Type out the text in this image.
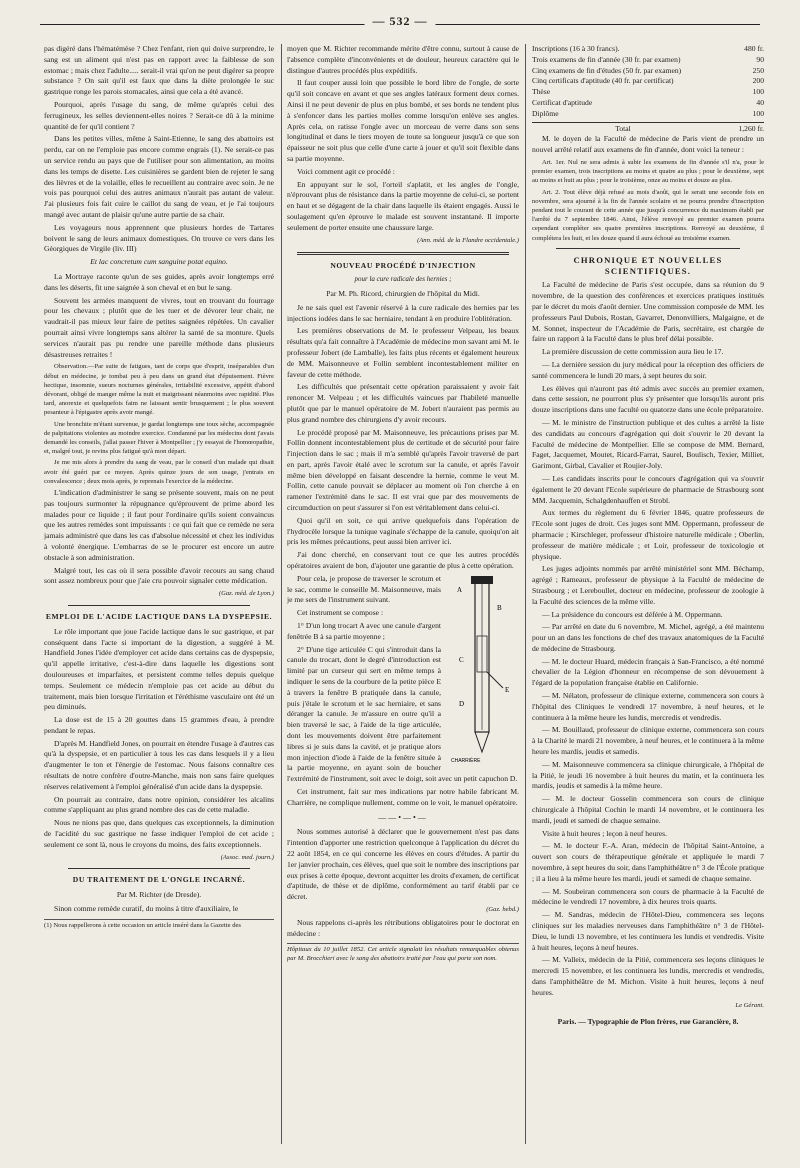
— 532 —

pas digéré dans l'hématémèse ? Chez l'enfant, rien qui doive surprendre, le sang est un aliment qui n'est pas en rapport avec la faiblesse de son estomac ; mais chez l'adulte..... serait-il vrai qu'on ne peut digérer sa propre substance ? On sait qu'il est faux que dans la diète prolongée le suc gastrique ronge les parois stomacales, ainsi que cela a été avancé.

Pourquoi, après l'usage du sang, de même qu'après celui des ferrugineux, les selles deviennent-elles noires ? Serait-ce dû à la minime quantité de fer qu'il contient ?

Dans les petites villes, même à Saint-Etienne, le sang des abattoirs est perdu, car on ne l'emploie pas encore comme engrais (1). Ne serait-ce pas un service rendu au pays que de l'utiliser pour son alimentation, au moins dans les temps de disette. Les cuisinières se gardent bien de rejeter le sang des lièvres et de la volaille, elles le recueillent au contraire avec soin. Je ne vois pas pourquoi celui des autres animaux n'aurait pas autant de valeur. J'ai plusieurs fois fait cuire le caillot du sang de veau, et je l'ai toujours mangé avec autant de plaisir qu'une autre partie de sa chair.

Les voyageurs nous apprennent que plusieurs hordes de Tartares boivent le sang de leurs animaux domestiques. On trouve ce vers dans les Géorgiques de Virgile (liv. III)

Et lac concretum cum sanguine potat equino.

La Mortraye raconte qu'un de ses guides, après avoir longtemps erré dans les déserts, fit une saignée à son cheval et en but le sang.

Souvent les armées manquent de vivres, tout en trouvant du fourrage pour les chevaux ; plutôt que de les tuer et de dévorer leur chair, ne vaudrait-il pas mieux leur faire de petites saignées répétées. Un cavalier pourrait ainsi vivre longtemps sans altérer la santé de sa monture. Quels services n'aurait pas pu rendre une pareille méthode dans plusieurs désastreuses retraites !

Observation.—Par suite de fatigues, tant de corps que d'esprit, inséparables d'un début en médecine, je tombai peu à peu dans un grand état d'épuisement. Fièvre hectique, insomnie, sueurs nocturnes générales, irritabilité excessive, appétit d'abord dévorant, obligé de manger même la nuit et maigrissant néanmoins avec rapidité. Plus tard, anorexie et quelquefois faim ne laissant sentir brusquement ; le plus souvent pesanteur à l'épigastre après avoir mangé.

Une bronchite m'étant survenue, je gardai longtemps une toux sèche, accompagnée de palpitations violentes au moindre exercice. Condamné par les médecins dont j'avais demandé les conseils, j'allai passer l'hiver à Montpellier ; j'y essayai de l'homœopathie, et, malgré tout, je revins plus fatigué qu'à mon départ.

Je me mis alors à prendre du sang de veau, par le conseil d'un malade qui disait avoir été guéri par ce moyen. Après quinze jours de son usage, j'entrais en convalescence ; deux mois après, je reprenais l'exercice de la médecine.

L'indication d'administrer le sang se présente souvent, mais on ne peut pas toujours surmonter la répugnance qu'éprouvent de prime abord les malades pour ce liquide ; il faut pour l'ordinaire qu'ils soient convaincus que les autres remèdes sont impuissants : ce qui fait que ce remède ne sera jamais administré que dans les cas d'absolue nécessité et chez les individus à volonté énergique. L'embarras de se le procurer est encore un autre obstacle à son administration.

Malgré tout, les cas où il sera possible d'avoir recours au sang chaud sont assez nombreux pour que j'aie cru pouvoir signaler cette médication.

(Gaz. méd. de Lyon.)

EMPLOI DE L'ACIDE LACTIQUE DANS LA DYSPEPSIE.

Le rôle important que joue l'acide lactique dans le suc gastrique, et par conséquent dans l'acte si important de la digestion, a suggéré à M. Handfield Jones l'idée d'employer cet acide dans certains cas de dyspepsie, qu'il appelle irritative, c'est-à-dire dans laquelle les digestions sont douloureuses et imparfaites, et persistent comme telles depuis quelque temps. Seulement ce médecin n'emploie pas cet acide au début du traitement, mais bien lorsque l'irritation et l'éréthisme vasculaire ont été un peu diminués.

La dose est de 15 à 20 gouttes dans 15 grammes d'eau, à prendre pendant le repas.

D'après M. Handfield Jones, on pourrait en étendre l'usage à d'autres cas qu'à la dyspepsie, et en particulier à tous les cas dans lesquels il y a lieu d'augmenter le ton et l'énergie de l'estomac. Nous faisons connaître ces résultats de notre confrère d'outre-Manche, mais non sans faire quelques réserves relativement à l'emploi généralisé d'un acide dans la dyspepsie.

On pourrait au contraire, dans notre opinion, considérer les alcalins comme s'appliquant au plus grand nombre des cas de cette maladie.

Nous ne nions pas que, dans quelques cas exceptionnels, la diminution de l'acidité du suc gastrique ne fasse indiquer l'emploi de cet acide ; seulement ce sont là, nous le croyons du moins, des faits exceptionnels.

(Assoc. med. journ.)

DU TRAITEMENT DE L'ONGLE INCARNÉ.

Par M. Richter (de Dresde).

Sinon comme remède curatif, du moins à titre d'auxiliaire, le

(1) Nous rappellerons à cette occasion un article inséré dans la Gazette des

moyen que M. Richter recommande mérite d'être connu, surtout à cause de l'absence complète d'inconvénients et de douleur, heureux caractère qui le distingue d'autres procédés plus expéditifs.

Il faut couper aussi loin que possible le bord libre de l'ongle, de sorte qu'il soit concave en avant et que ses angles latéraux forment deux cornes. Ainsi il ne peut devenir de plus en plus bombé, et ses bords ne tendent plus à s'enfoncer dans les parties molles comme lorsqu'on enlève ses angles. Après cela, on ratisse l'ongle avec un morceau de verre dans son sens longitudinal et dans le tiers moyen de toute sa longueur jusqu'à ce que son épaisseur ne soit plus que celle d'une carte à jouer et qu'il soit flexible dans sa partie moyenne.

Voici comment agit ce procédé :

En appuyant sur le sol, l'orteil s'aplatit, et les angles de l'ongle, n'éprouvant plus de résistance dans la partie moyenne de celui-ci, se portent en haut et se dégagent de la chair dans laquelle ils étaient engagés. Aussi le soulagement qu'en éprouve le malade est souvent instantané. Il importe seulement de porter ensuite une chaussure large.

(Ann. méd. de la Flandre occidentale.)

NOUVEAU PROCÉDÉ D'INJECTION

pour la cure radicale des hernies ;

Par M. Ph. Ricord, chirurgien de l'hôpital du Midi.

Je ne sais quel est l'avenir réservé à la cure radicale des hernies par les injections iodées dans le sac herniaire, tendant à en produire l'oblitération.

Les premières observations de M. le professeur Velpeau, les beaux résultats qu'a fait connaître à l'Académie de médecine mon savant ami M. le professeur Jobert (de Lamballe), les faits plus récents et également heureux de MM. Maisonneuve et Follin semblent incontestablement militer en faveur de cette méthode.

Les difficultés que présentait cette opération paraissaient y avoir fait renoncer M. Velpeau ; et les difficultés vaincues par l'habileté manuelle plutôt que par le manuel opératoire de M. Jobert n'auraient pas permis au plus grand nombre des chirurgiens d'y avoir recours.

Le procédé proposé par M. Maisonneuve, les précautions prises par M. Follin donnent incontestablement plus de certitude et de sécurité pour faire l'injection dans le sac ; mais il m'a semblé qu'après l'avoir traversé de part en part, après l'avoir étalé avec le scrotum sur la canule, et après l'avoir même bien développé en faisant descendre la hernie, comme le veut M. Follin, cette canule pouvait se déplacer au moment où l'on cherche à en ramener l'extrémité dans le sac. Il est vrai que par des mouvements de circumduction on peut s'assurer si l'on est véritablement dans celui-ci.

Quoi qu'il en soit, ce qui arrive quelquefois dans l'opération de l'hydrocèle lorsque la tunique vaginale s'échappe de la canule, quoiqu'on ait pris les mêmes précautions, peut aussi bien arriver ici.

J'ai donc cherché, en conservant tout ce que les autres procédés opératoires avaient de bon, d'ajouter une garantie de plus à cette opération.

A
B
C
D
E
CHARRIÈRE

Pour cela, je propose de traverser le scrotum et le sac, comme le conseille M. Maisonneuve, mais je me sers de l'instrument suivant.

Cet instrument se compose :

1° D'un long trocart A avec une canule d'argent fenêtrée B à sa partie moyenne ;

2° D'une tige articulée C qui s'introduit dans la canule du trocart, dont le degré d'introduction est limité par un curseur qui sert en même temps à indiquer le sens de la courbure de la petite pièce E à travers la fenêtre B pratiquée dans la canule, puis j'étale le scrotum et le sac herniaire, et sans déranger la canule. Je m'assure en outre qu'il a bien traversé le sac, à l'aide de la tige articulée, dont les mouvements doivent être parfaitement libres si je suis dans la cavité, et je pratique alors mon injection d'iode à l'aide de la fenêtre située à la partie moyenne, en ayant soin de boucher l'extrémité de l'instrument, soit avec le doigt, soit avec un petit capuchon D.

Cet instrument, fait sur mes indications par notre habile fabricant M. Charrière, ne complique nullement, comme on le voit, le manuel opératoire.

——•—•—

Nous sommes autorisé à déclarer que le gouvernement n'est pas dans l'intention d'apporter une restriction quelconque à l'application du décret du 22 août 1854, en ce qui concerne les élèves en cours d'études. A partir du 1er janvier prochain, ces élèves, quel que soit le nombre des inscriptions par eux prises à cette époque, devront acquitter les droits d'examen, de certificat d'aptitude, de thèse et de diplôme, conformément au tarif établi par ce décret.

(Gaz. hebd.)

Nous rappelons ci-après les rétributions obligatoires pour le doctorat en médecine :

Hôpitaux du 10 juillet 1852. Cet article signalait les résultats remarquables obtenus par M. Brocchieri avec le sang des abattoirs traité par l'eau qui porte son nom.
Inscriptions (16 à 30 francs).	480 fr.
Trois examens de fin d'année (30 fr. par examen)	90
Cinq examens de fin d'études (50 fr. par examen)	250
Cinq certificats d'aptitude (40 fr. par certificat)	200
Thèse	100
Certificat d'aptitude	40
Diplôme	100
Total	1,260 fr.

M. le doyen de la Faculté de médecine de Paris vient de prendre un nouvel arrêté relatif aux examens de fin d'année, dont voici la teneur :

Art. 1er. Nul ne sera admis à subir les examens de fin d'année s'il n'a, pour le premier examen, trois inscriptions au moins et quatre au plus ; pour le deuxième, sept au moins et huit au plus ; pour le troisième, onze au moins et douze au plus.

Art. 2. Tout élève déjà refusé au mois d'août, qui le serait une seconde fois en novembre, sera ajourné à la fin de l'année scolaire et ne pourra prendre d'inscription pendant tout le courant de cette année que jusqu'à concurrence du maximum établi par l'arrêté du 7 septembre 1846. Ainsi, l'élève renvoyé au premier examen pourra cependant compléter ses quatre premières inscriptions. Renvoyé au deuxième, il complétera les huit, et les douze quand il aura échoué au troisième examen.

CHRONIQUE ET NOUVELLES SCIENTIFIQUES.

La Faculté de médecine de Paris s'est occupée, dans sa réunion du 9 novembre, de la question des conférences et exercices pratiques institués par le décret du mois d'août dernier. Une commission composée de MM. les professeurs Paul Dubois, Rostan, Gavarret, Denonvilliers, Malgaigne, et de M. Sonnet, inspecteur de l'Académie de Paris, secrétaire, est chargée de faire un rapport à la Faculté dans le plus bref délai possible.

La première discussion de cette commission aura lieu le 17.

— La dernière session du jury médical pour la réception des officiers de santé commencera le lundi 20 mars, à sept heures du soir.

Les élèves qui n'auront pas été admis avec succès au premier examen, dans cette session, ne pourront plus s'y présenter que lorsqu'ils auront pris douze inscriptions dans une faculté ou quatorze dans une école préparatoire.

— M. le ministre de l'instruction publique et des cultes a arrêté la liste des candidats au concours d'agrégation qui doit s'ouvrir le 20 devant la Faculté de médecine de Montpellier. Elle se compose de MM. Bernard, Faget, Jacquemet, Moutet, Ricard-Farrat, Saurel, Boulisch, Texier, Milliet, Garimont, Girbal, Cavalier et Roujier-Joly.

— Les candidats inscrits pour le concours d'agrégation qui va s'ouvrir également le 20 devant l'Ecole supérieure de pharmacie de Strasbourg sont MM. Jacquemin, Schalgdenhauffen et Strobl.

Aux termes du règlement du 6 février 1846, quatre professeurs de l'Ecole sont juges de droit. Ces juges sont MM. Oppermann, professeur de pharmacie ; Kirschleger, professeur d'histoire naturelle médicale ; Oberlin, professeur de matière médicale ; et Loir, professeur de toxicologie et physique.

Les juges adjoints nommés par arrêté ministériel sont MM. Béchamp, agrégé ; Rameaux, professeur de physique à la Faculté de médecine de Strasbourg ; et Lereboullet, docteur en médecine, professeur de zoologie à la Faculté des sciences de la même ville.

— La présidence du concours est déférée à M. Oppermann.

— Par arrêté en date du 6 novembre, M. Michel, agrégé, a été maintenu pour un an dans les fonctions de chef des travaux anatomiques de la Faculté de médecine de Strasbourg.

— M. le docteur Huard, médecin français à San-Francisco, a été nommé chevalier de la Légion d'honneur en récompense de son dévouement à l'égard de la population française établie en Californie.

— M. Nélaton, professeur de clinique externe, commencera son cours à l'hôpital des Cliniques le vendredi 17 novembre, à neuf heures, et le continuera à la même heure les lundis, mercredis et vendredis.

— M. Bouillaud, professeur de clinique externe, commencera son cours à la Charité le mardi 21 novembre, à neuf heures, et le continuera à la même heure les mardis, jeudis et samedis.

— M. Maisonneuve commencera sa clinique chirurgicale, à l'hôpital de la Pitié, le jeudi 16 novembre à huit heures du matin, et la continuera les mardis, jeudis et samedis à la même heure.

— M. le docteur Gosselin commencera son cours de clinique chirurgicale à l'hôpital Cochin le mardi 14 novembre, et le continuera les mardi, jeudi et samedi de chaque semaine.

Visite à huit heures ; leçon à neuf heures.

— M. le docteur F.-A. Aran, médecin de l'hôpital Saint-Antoine, a ouvert son cours de thérapeutique générale et appliquée le mardi 7 novembre, à sept heures du soir, dans l'amphithéâtre n° 3 de l'École pratique ; il a lieu à la même heure les mardi, jeudi et samedi de chaque semaine.

— M. Soubeiran commencera son cours de pharmacie à la Faculté de médecine le vendredi 17 novembre, à dix heures trois quarts.

— M. Sandras, médecin de l'Hôtel-Dieu, commencera ses leçons cliniques sur les maladies nerveuses dans l'amphithéâtre n° 3 de l'Hôtel-Dieu, le lundi 13 novembre, et les continuera les lundis et vendredis. Visite à huit heures, leçons à neuf heures.

— M. Valleix, médecin de la Pitié, commencera ses leçons cliniques le mercredi 15 novembre, et les continuera les lundis, mercredis et vendredis, dans l'amphithéâtre de M. Michon. Visite à huit heures, leçons à neuf heures.

Le Gérant.

Paris. — Typographie de Plon frères, rue Garancière, 8.
